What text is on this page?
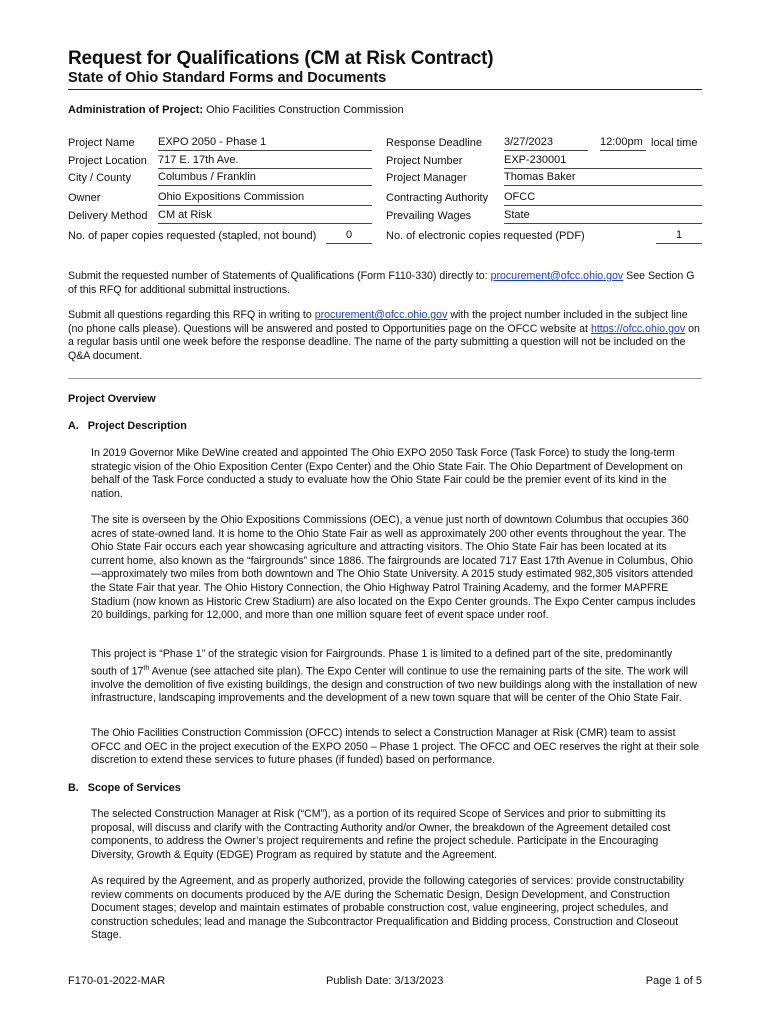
Request for Qualifications (CM at Risk Contract)
State of Ohio Standard Forms and Documents
Administration of Project: Ohio Facilities Construction Commission
Project Name EXPO 2050 - Phase 1
Project Location 717 E. 17th Ave.
City / County Columbus / Franklin
Owner	Ohio Expositions Commission
Delivery Method CM at Risk
No. of paper copies requested (stapled, not bound)	0
Response Deadline 3/27/2023	12:00pm local time
Project Number	EXP-230001
Project Manager	Thomas Baker
Contracting Authority OFCC
Prevailing Wages	State
No. of electronic copies requested (PDF)	1
Submit the requested number of Statements of Qualifications (Form F110-330) directly to: procurement@ofcc.ohio.gov See Section G of this RFQ for additional submittal instructions.
Submit all questions regarding this RFQ in writing to procurement@ofcc.ohio.gov with the project number included in the subject line (no phone calls please). Questions will be answered and posted to Opportunities page on the OFCC website at https://ofcc.ohio.gov on a regular basis until one week before the response deadline. The name of the party submitting a question will not be included on the Q&A document.
Project Overview
A.   Project Description
In 2019 Governor Mike DeWine created and appointed The Ohio EXPO 2050 Task Force (Task Force) to study the long-term strategic vision of the Ohio Exposition Center (Expo Center) and the Ohio State Fair. The Ohio Department of Development on behalf of the Task Force conducted a study to evaluate how the Ohio State Fair could be the premier event of its kind in the nation.
The site is overseen by the Ohio Expositions Commissions (OEC), a venue just north of downtown Columbus that occupies 360 acres of state-owned land. It is home to the Ohio State Fair as well as approximately 200 other events throughout the year. The Ohio State Fair occurs each year showcasing agriculture and attracting visitors. The Ohio State Fair has been located at its current home, also known as the “fairgrounds” since 1886. The fairgrounds are located 717 East 17th Avenue in Columbus, Ohio—approximately two miles from both downtown and The Ohio State University. A 2015 study estimated 982,305 visitors attended the State Fair that year. The Ohio History Connection, the Ohio Highway Patrol Training Academy, and the former MAPFRE Stadium (now known as Historic Crew Stadium) are also located on the Expo Center grounds. The Expo Center campus includes 20 buildings, parking for 12,000, and more than one million square feet of event space under roof.
This project is “Phase 1” of the strategic vision for Fairgrounds. Phase 1 is limited to a defined part of the site, predominantly south of 17th Avenue (see attached site plan). The Expo Center will continue to use the remaining parts of the site. The work will involve the demolition of five existing buildings, the design and construction of two new buildings along with the installation of new infrastructure, landscaping improvements and the development of a new town square that will be center of the Ohio State Fair.
The Ohio Facilities Construction Commission (OFCC) intends to select a Construction Manager at Risk (CMR) team to assist OFCC and OEC in the project execution of the EXPO 2050 – Phase 1 project. The OFCC and OEC reserves the right at their sole discretion to extend these services to future phases (if funded) based on performance.
B.   Scope of Services
The selected Construction Manager at Risk (“CM”), as a portion of its required Scope of Services and prior to submitting its proposal, will discuss and clarify with the Contracting Authority and/or Owner, the breakdown of the Agreement detailed cost components, to address the Owner’s project requirements and refine the project schedule. Participate in the Encouraging Diversity, Growth & Equity (EDGE) Program as required by statute and the Agreement.
As required by the Agreement, and as properly authorized, provide the following categories of services: provide constructability review comments on documents produced by the A/E during the Schematic Design, Design Development, and Construction Document stages; develop and maintain estimates of probable construction cost, value engineering, project schedules, and construction schedules; lead and manage the Subcontractor Prequalification and Bidding process, Construction and Closeout Stage.
F170-01-2022-MAR	Publish Date: 3/13/2023	Page 1 of 5
